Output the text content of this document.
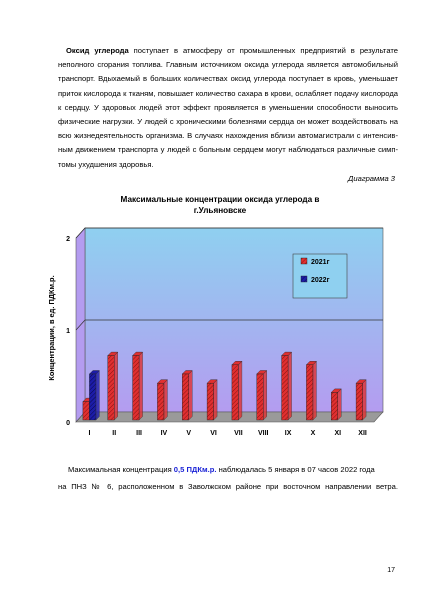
Оксид углерода поступает в атмосферу от промышленных предприятий в результате неполного сгорания топлива. Главным источником оксида углерода является автомобильный транспорт. Вдыхаемый в больших количествах оксид углерода поступает в кровь, уменьшает приток кислорода к тканям, повышает количество сахара в крови, ослабляет подачу кислорода к сердцу. У здоровых людей этот эффект проявляется в уменьшении способности выносить физические нагрузки. У людей с хроническими болезнями сердца он может воздействовать на всю жизнедеятельность организма. В случаях нахождения вблизи автомагистрали с интенсив- ным движением транспорта у людей с больным сердцем могут наблюдаться различные симп- томы ухудшения здоровья.
Диаграмма 3
Максимальные концентрации оксида углерода в
г.Ульяновске
0
1
2
Концентрации, в ед. ПДКм.р.
I	II	III	IV	V	VI VII VIII IX	X	XI XII
2021г
2022г
Максимальная концентрация 0,5 ПДКм.р. наблюдалась 5 января в 07 часов 2022 года
на ПНЗ № 6, расположенном в Заволжском районе при восточном направлении ветра.
17
